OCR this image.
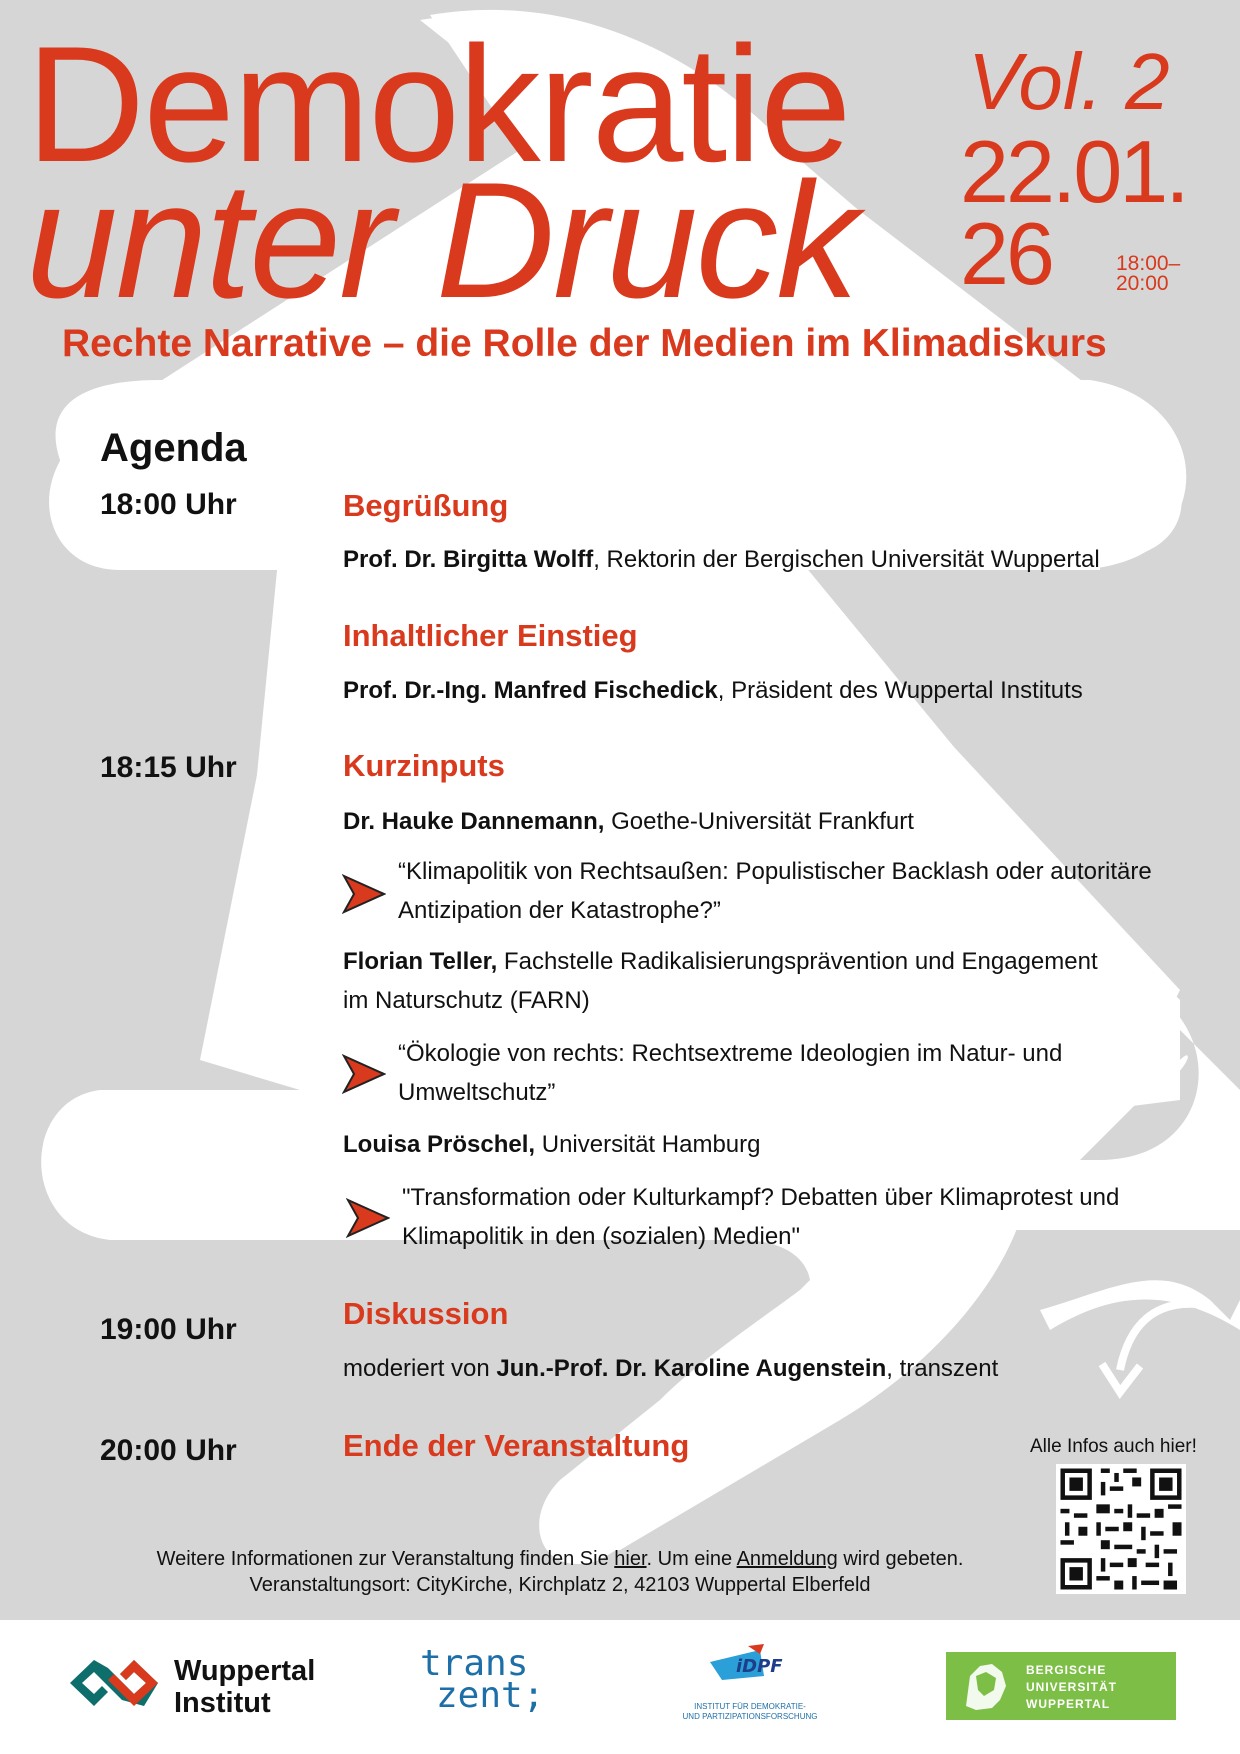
Demokratie
unter Druck
Vol. 2
22.01.
26	18:00–
20:00
Rechte Narrative – die Rolle der Medien im Klimadiskurs
Agenda
18:00 Uhr	Begrüßung
Prof. Dr. Birgitta Wolff, Rektorin der Bergischen Universität Wuppertal
Inhaltlicher Einstieg
Prof. Dr.-Ing. Manfred Fischedick, Präsident des Wuppertal Instituts
18:15 Uhr	Kurzinputs
Dr. Hauke Dannemann, Goethe-Universität Frankfurt
“Klimapolitik von Rechtsaußen: Populistischer Backlash oder autoritäre
Antizipation der Katastrophe?”
Florian Teller, Fachstelle Radikalisierungsprävention und Engagement
im Naturschutz (FARN)
“Ökologie von rechts: Rechtsextreme Ideologien im Natur- und
Umweltschutz”
Louisa Pröschel, Universität Hamburg
"Transformation oder Kulturkampf? Debatten über Klimaprotest und
Klimapolitik in den (sozialen) Medien"
19:00 Uhr	Diskussion
moderiert von Jun.-Prof. Dr. Karoline Augenstein, transzent
20:00 Uhr	Ende der Veranstaltung
Weitere Informationen zur Veranstaltung finden Sie hier. Um eine Anmeldung wird gebeten.
Veranstaltungsort: CityKirche, Kirchplatz 2, 42103 Wuppertal Elberfeld
Alle Infos auch hier!
Wuppertal
Institut
trans
zent;
iDPF
INSTITUT FÜR DEMOKRATIE-
UND PARTIZIPATIONSFORSCHUNG
BERGISCHE
UNIVERSITÄT
WUPPERTAL
